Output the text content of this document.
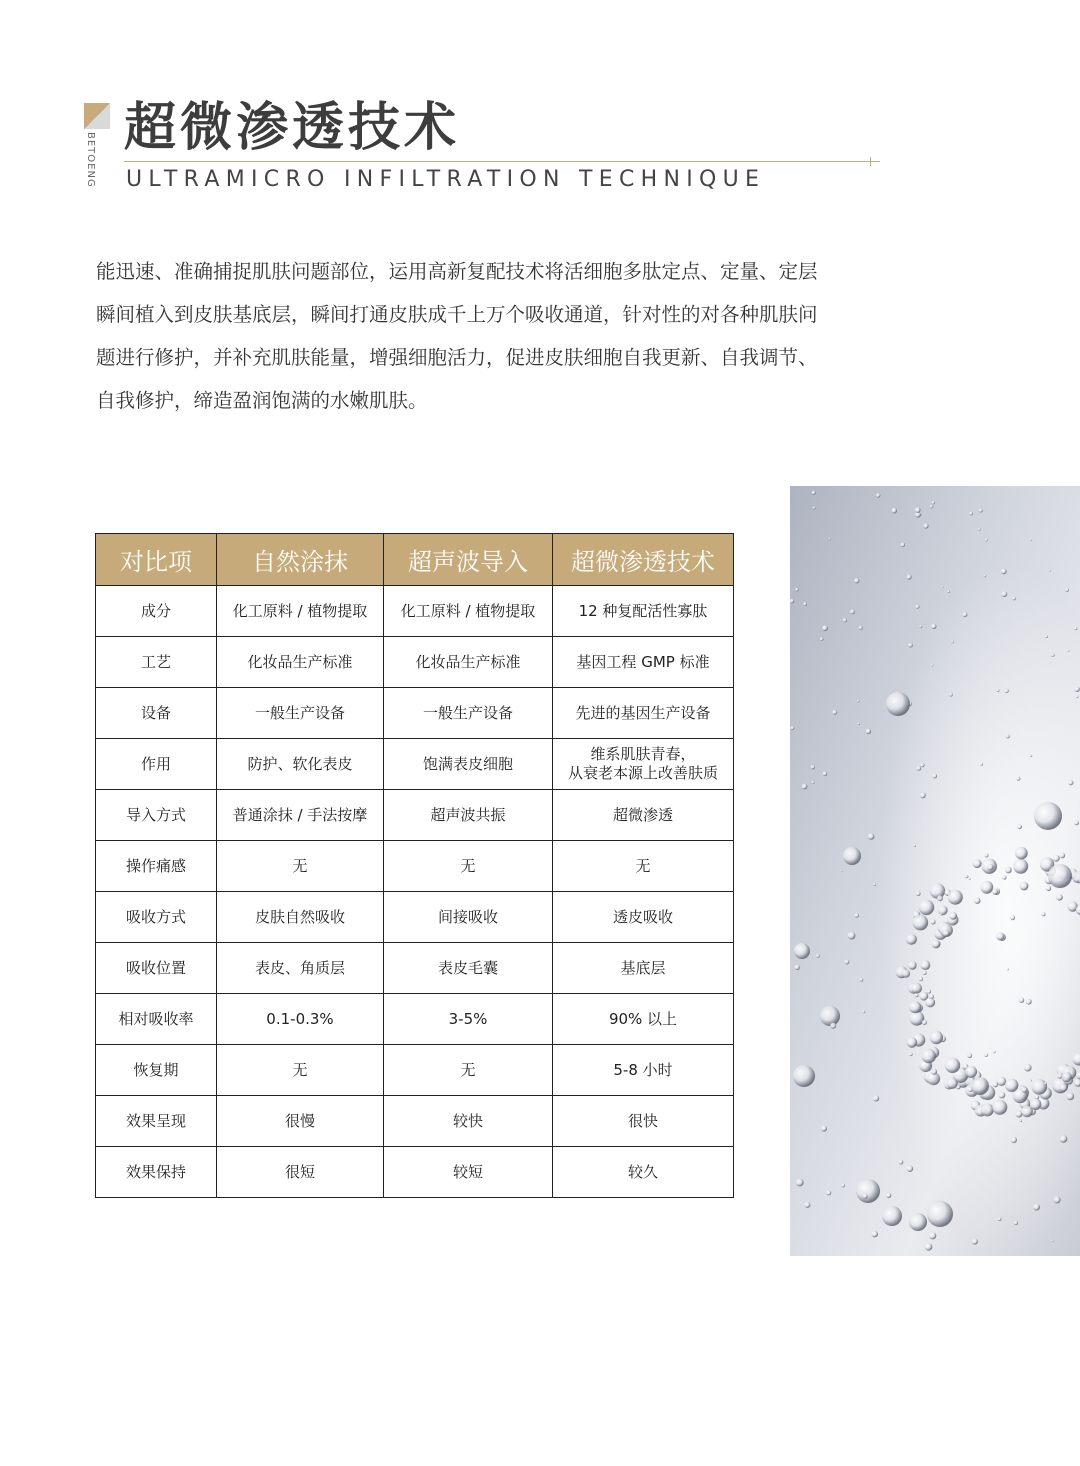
BETOENG
超微渗透技术
ULTRAMICRO INFILTRATION TECHNIQUE

能迅速、准确捕捉肌肤问题部位，运用高新复配技术将活细胞多肽定点、定量、定层

瞬间植入到皮肤基底层，瞬间打通皮肤成千上万个吸收通道，针对性的对各种肌肤问

题进行修护，并补充肌肤能量，增强细胞活力，促进皮肤细胞自我更新、自我调节、

自我修护，缔造盈润饱满的水嫩肌肤。

对比项	自然涂抹	超声波导入	超微渗透技术
成分	化工原料 / 植物提取	化工原料 / 植物提取	12 种复配活性寡肽
工艺	化妆品生产标准	化妆品生产标准	基因工程 GMP 标准
设备	一般生产设备	一般生产设备	先进的基因生产设备
作用	防护、软化表皮	饱满表皮细胞	维系肌肤青春，
从衰老本源上改善肤质

导入方式	普通涂抹 / 手法按摩	超声波共振	超微渗透
操作痛感	无	无	无
吸收方式	皮肤自然吸收	间接吸收	透皮吸收
吸收位置	表皮、角质层	表皮毛囊	基底层
相对吸收率	0.1-0.3%	3-5%	90% 以上
恢复期	无	无	5-8 小时
效果呈现	很慢	较快	很快
效果保持	很短	较短	较久
